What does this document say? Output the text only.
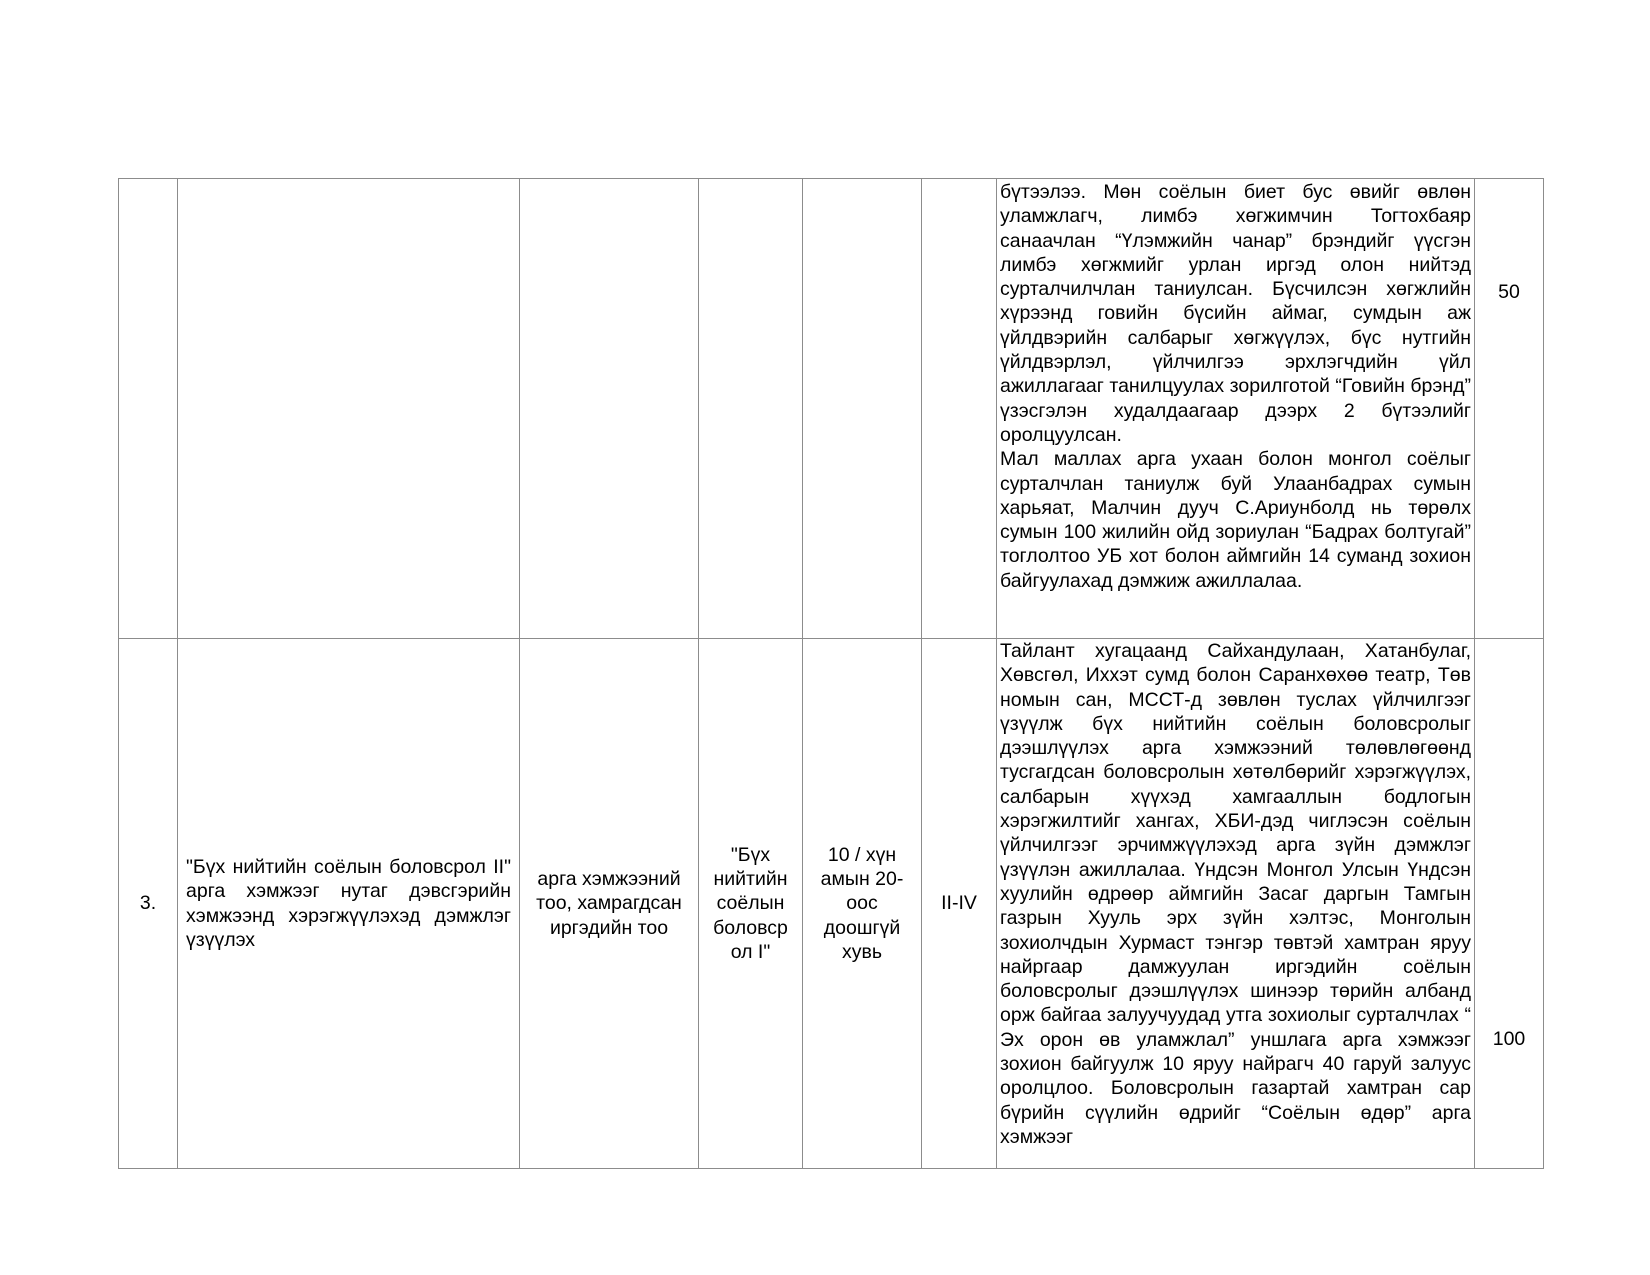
						бүтээлээ. Мөн соёлын биет бус өвийг өвлөн уламжлагч, лимбэ хөгжимчин Тогтохбаяр санаачлан “Үлэмжийн чанар” брэндийг үүсгэн лимбэ хөгжмийг урлан иргэд олон нийтэд сурталчилчлан таниулсан. Бүсчилсэн хөгжлийн хүрээнд говийн бүсийн аймаг, сумдын аж үйлдвэрийн салбарыг хөгжүүлэх, бүс нутгийн үйлдвэрлэл, үйлчилгээ эрхлэгчдийн үйл ажиллагааг танилцуулах зорилготой “Говийн брэнд” үзэсгэлэн худалдаагаар дээрх 2 бүтээлийг оролцуулсан.
Мал маллах арга ухаан болон монгол соёлыг сурталчлан таниулж буй Улаанбадрах сумын харьяат, Малчин дууч С.Ариунболд нь төрөлх сумын 100 жилийн ойд зориулан “Бадрах болтугай” тоглолтоо УБ хот болон аймгийн 14 суманд зохион байгуулахад дэмжиж ажиллалаа.	50
3.	"Бүх нийтийн соёлын боловсрол II" арга хэмжээг нутаг дэвсгэрийн хэмжээнд хэрэгжүүлэхэд дэмжлэг үзүүлэх	арга хэмжээний тоо, хамрагдсан иргэдийн тоо	"Бүх нийтийн соёлын боловср ол I"	10 / хүн амын 20-оос доошгүй хувь	II-IV	Тайлант хугацаанд Сайхандулаан, Хатанбулаг, Хөвсгөл, Иххэт сумд болон Саранхөхөө театр, Төв номын сан, МССТ-д зөвлөн туслах үйлчилгээг үзүүлж бүх нийтийн соёлын боловсролыг дээшлүүлэх арга хэмжээний төлөвлөгөөнд тусгагдсан боловсролын хөтөлбөрийг хэрэгжүүлэх, салбарын хүүхэд хамгааллын бодлогын хэрэгжилтийг хангах, ХБИ-дэд чиглэсэн соёлын үйлчилгээг эрчимжүүлэхэд арга зүйн дэмжлэг үзүүлэн ажиллалаа. Үндсэн Монгол Улсын Үндсэн хуулийн өдрөөр аймгийн Засаг даргын Тамгын газрын Хууль эрх зүйн хэлтэс, Монголын зохиолчдын Хурмаст тэнгэр төвтэй хамтран яруу найргаар дамжуулан иргэдийн соёлын боловсролыг дээшлүүлэх шинээр төрийн албанд орж байгаа залуучуудад утга зохиолыг сурталчлах “ Эх орон өв уламжлал” уншлага арга хэмжээг зохион байгуулж 10 яруу найрагч 40 гаруй залуус оролцлоо. Боловсролын газартай хамтран сар бүрийн сүүлийн өдрийг “Соёлын өдөр” арга хэмжээг	100
